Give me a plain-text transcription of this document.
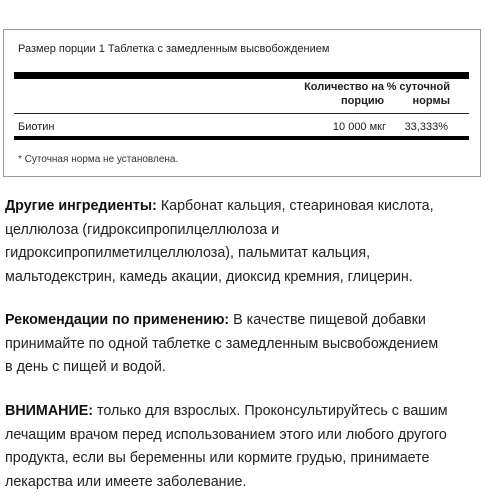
Размер порции 1 Таблетка с замедленным высвобождением
Количество на
порцию
% суточной
нормы
Биотин	10 000 мкг 33,333%
* Суточная норма не установлена.
Другие ингредиенты: Карбонат кальция, стеариновая кислота,
целлюлоза (гидроксипропилцеллюлоза и
гидроксипропилметилцеллюлоза), пальмитат кальция,
мальтодекстрин, камедь акации, диоксид кремния, глицерин.
Рекомендации по применению: В качестве пищевой добавки
принимайте по одной таблетке с замедленным высвобождением
в день с пищей и водой.
ВНИМАНИЕ: только для взрослых. Проконсультируйтесь с вашим
лечащим врачом перед использованием этого или любого другого
продукта, если вы беременны или кормите грудью, принимаете
лекарства или имеете заболевание.
